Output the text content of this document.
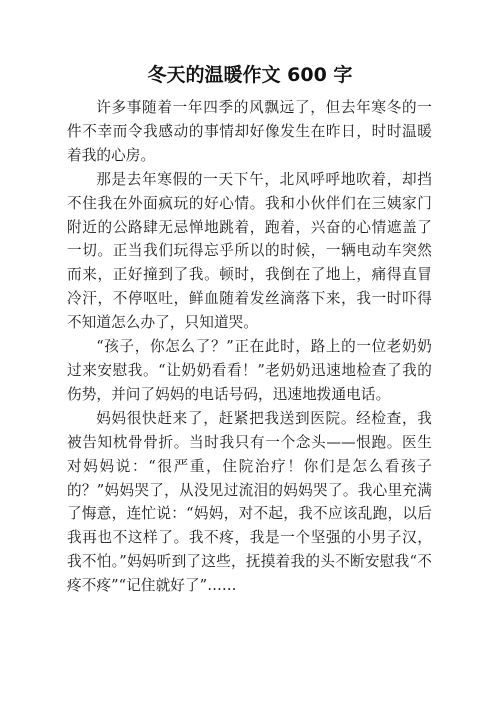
冬天的温暖作文 600 字

许多事随着一年四季的风飘远了，但去年寒冬的一件不幸而令我感动的事情却好像发生在昨日，时时温暖着我的心房。

那是去年寒假的一天下午，北风呼呼地吹着，却挡不住我在外面疯玩的好心情。我和小伙伴们在三姨家门附近的公路肆无忌惮地跳着，跑着，兴奋的心情遮盖了一切。正当我们玩得忘乎所以的时候，一辆电动车突然而来，正好撞到了我。顿时，我倒在了地上，痛得直冒冷汗，不停呕吐，鲜血随着发丝滴落下来，我一时吓得不知道怎么办了，只知道哭。

“孩子，你怎么了？”正在此时，路上的一位老奶奶过来安慰我。“让奶奶看看！”老奶奶迅速地检查了我的伤势，并问了妈妈的电话号码，迅速地拨通电话。

妈妈很快赶来了，赶紧把我送到医院。经检查，我被告知枕骨骨折。当时我只有一个念头——恨跑。医生对妈妈说：“很严重，住院治疗！你们是怎么看孩子的？”妈妈哭了，从没见过流泪的妈妈哭了。我心里充满了悔意，连忙说：“妈妈，对不起，我不应该乱跑，以后我再也不这样了。我不疼，我是一个坚强的小男子汉，我不怕。”妈妈听到了这些，抚摸着我的头不断安慰我“不疼不疼”“记住就好了”……
